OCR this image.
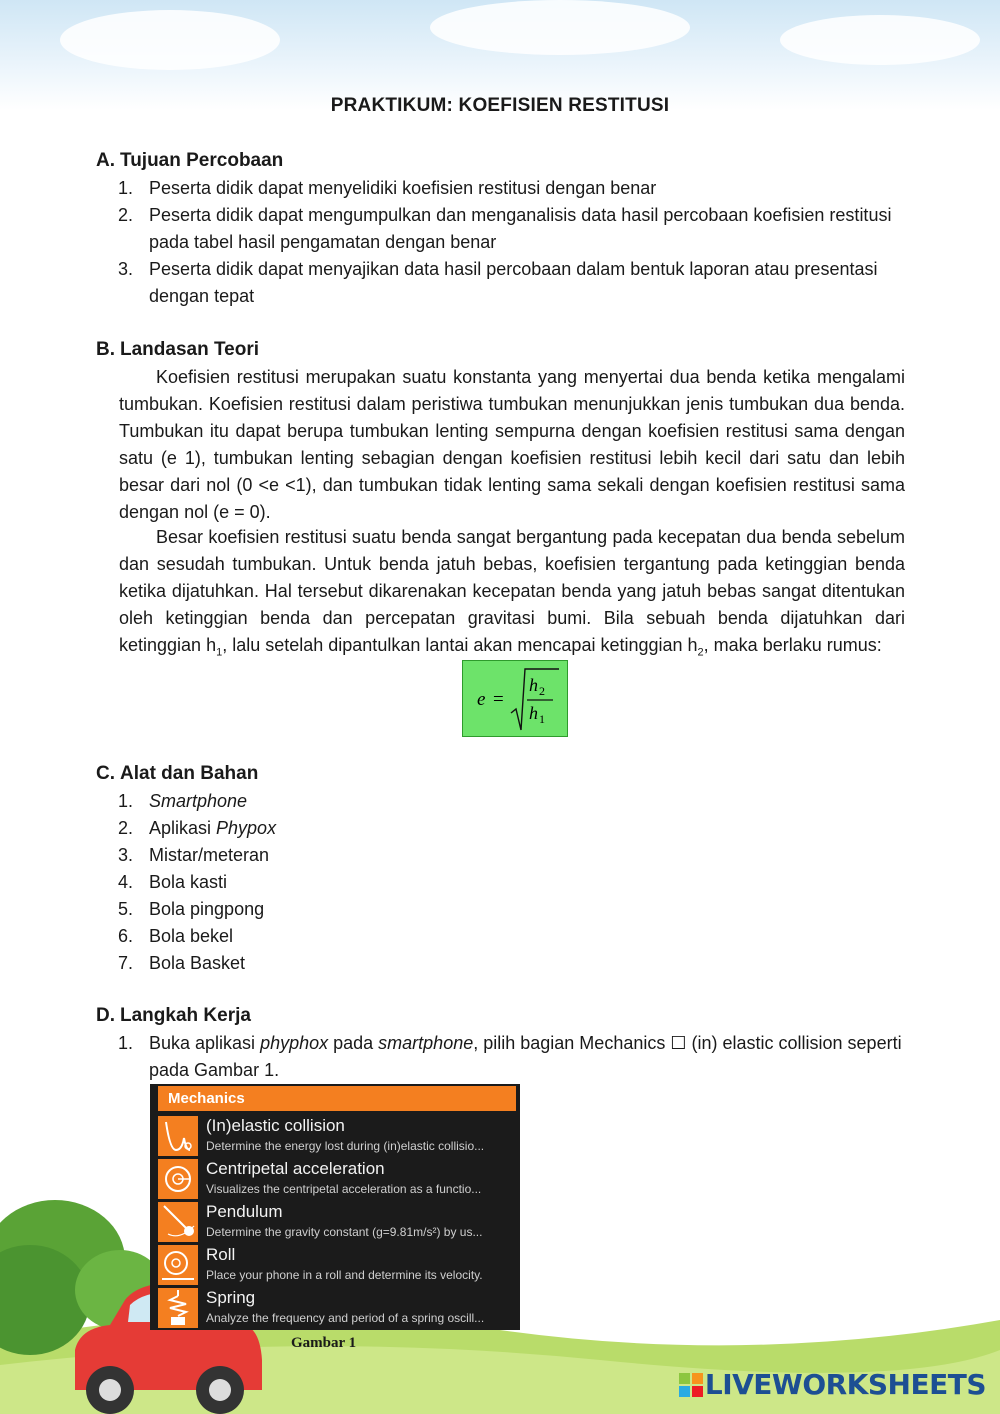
PRAKTIKUM: KOEFISIEN RESTITUSI
A. Tujuan Percobaan
1. Peserta didik dapat menyelidiki koefisien restitusi dengan benar
2. Peserta didik dapat mengumpulkan dan menganalisis data hasil percobaan koefisien restitusi pada tabel hasil pengamatan dengan benar
3. Peserta didik dapat menyajikan data hasil percobaan dalam bentuk laporan atau presentasi dengan tepat
B. Landasan Teori

Koefisien restitusi merupakan suatu konstanta yang menyertai dua benda ketika mengalami tumbukan. Koefisien restitusi dalam peristiwa tumbukan menunjukkan jenis tumbukan dua benda. Tumbukan itu dapat berupa tumbukan lenting sempurna dengan koefisien restitusi sama dengan satu (e 1), tumbukan lenting sebagian dengan koefisien restitusi lebih kecil dari satu dan lebih besar dari nol (0 <e <1), dan tumbukan tidak lenting sama sekali dengan koefisien restitusi sama dengan nol (e = 0).

Besar koefisien restitusi suatu benda sangat bergantung pada kecepatan dua benda sebelum dan sesudah tumbukan. Untuk benda jatuh bebas, koefisien tergantung pada ketinggian benda ketika dijatuhkan. Hal tersebut dikarenakan kecepatan benda yang jatuh bebas sangat ditentukan oleh ketinggian benda dan percepatan gravitasi bumi. Bila sebuah benda dijatuhkan dari ketinggian $h_1$, lalu setelah dipantulkan lantai akan mencapai ketinggian $h_2$, maka berlaku rumus:

e =
h 2
h 1
C. Alat dan Bahan
1. Smartphone
2. Aplikasi Phypox
3. Mistar/meteran
4. Bola kasti
5. Bola pingpong
6. Bola bekel
7. Bola Basket
D. Langkah Kerja
1. Buka aplikasi phyphox pada smartphone, pilih bagian Mechanics ☐ (in) elastic collision seperti pada Gambar 1.
Mechanics
(In)elastic collision
Determine the energy lost during (in)elastic collisio...
Centripetal acceleration
Visualizes the centripetal acceleration as a functio...
Pendulum
Determine the gravity constant (g=9.81m/s²) by us...
Roll
Place your phone in a roll and determine its velocity.
Spring
Analyze the frequency and period of a spring oscill...
Gambar 1
LIVEWORKSHEETS
